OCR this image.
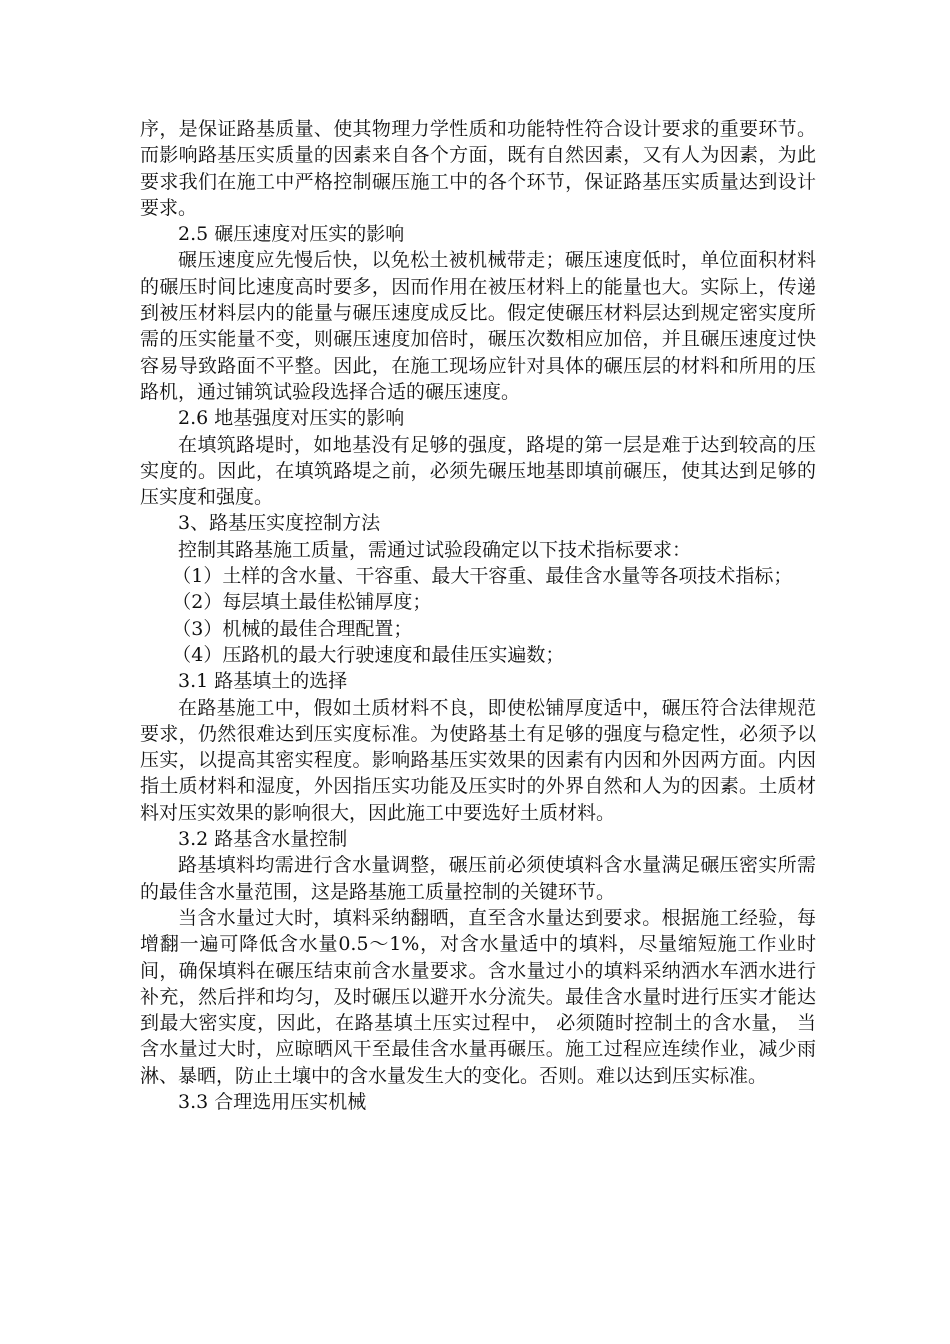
序，是保证路基质量、使其物理力学性质和功能特性符合设计要求的重要环节。而影响路基压实质量的因素来自各个方面，既有自然因素，又有人为因素，为此要求我们在施工中严格控制碾压施工中的各个环节，保证路基压实质量达到设计要求。

2.5 碾压速度对压实的影响

碾压速度应先慢后快，以免松土被机械带走；碾压速度低时，单位面积材料的碾压时间比速度高时要多，因而作用在被压材料上的能量也大。实际上，传递到被压材料层内的能量与碾压速度成反比。假定使碾压材料层达到规定密实度所需的压实能量不变，则碾压速度加倍时，碾压次数相应加倍，并且碾压速度过快容易导致路面不平整。因此，在施工现场应针对具体的碾压层的材料和所用的压路机，通过铺筑试验段选择合适的碾压速度。

2.6 地基强度对压实的影响

在填筑路堤时，如地基没有足够的强度，路堤的第一层是难于达到较高的压实度的。因此，在填筑路堤之前，必须先碾压地基即填前碾压，使其达到足够的压实度和强度。

3、路基压实度控制方法

控制其路基施工质量，需通过试验段确定以下技术指标要求：

（1）土样的含水量、干容重、最大干容重、最佳含水量等各项技术指标；

（2）每层填土最佳松铺厚度；

（3）机械的最佳合理配置；

（4）压路机的最大行驶速度和最佳压实遍数；

3.1 路基填土的选择

在路基施工中，假如土质材料不良，即使松铺厚度适中，碾压符合法律规范要求，仍然很难达到压实度标准。为使路基土有足够的强度与稳定性，必须予以压实，以提高其密实程度。影响路基压实效果的因素有内因和外因两方面。内因指土质材料和湿度，外因指压实功能及压实时的外界自然和人为的因素。土质材料对压实效果的影响很大，因此施工中要选好土质材料。

3.2 路基含水量控制

路基填料均需进行含水量调整，碾压前必须使填料含水量满足碾压密实所需的最佳含水量范围，这是路基施工质量控制的关键环节。

当含水量过大时，填料采纳翻晒，直至含水量达到要求。根据施工经验，每增翻一遍可降低含水量0.5～1%，对含水量适中的填料，尽量缩短施工作业时间，确保填料在碾压结束前含水量要求。含水量过小的填料采纳洒水车洒水进行补充，然后拌和均匀，及时碾压以避开水分流失。最佳含水量时进行压实才能达到最大密实度，因此，在路基填土压实过程中， 必须随时控制土的含水量， 当含水量过大时，应晾晒风干至最佳含水量再碾压。施工过程应连续作业，减少雨淋、暴晒，防止土壤中的含水量发生大的变化。否则。难以达到压实标准。

3.3 合理选用压实机械
